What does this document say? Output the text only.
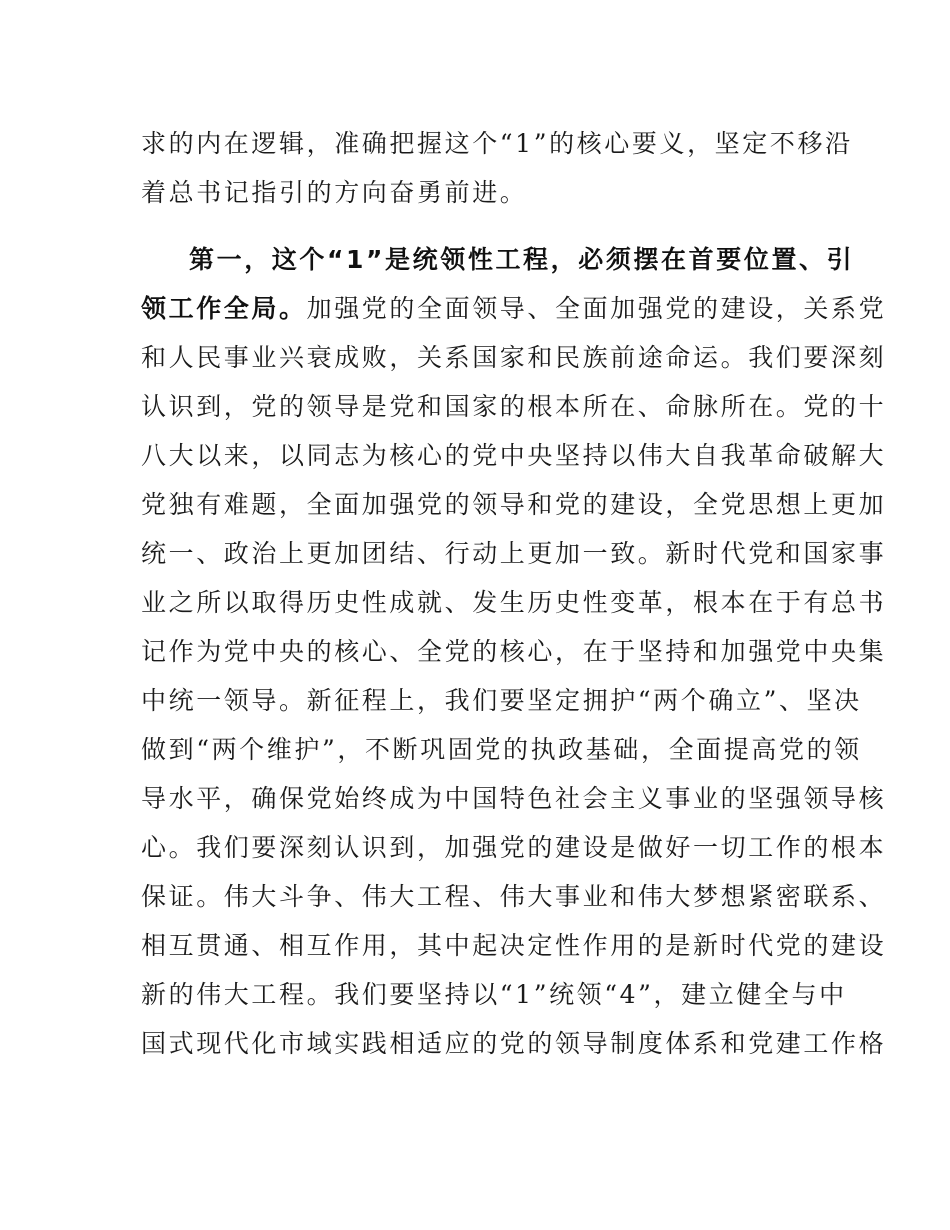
求的内在逻辑，准确把握这个“1”的核心要义，坚定不移沿
着总书记指引的方向奋勇前进。
第一，这个“1”是统领性工程，必须摆在首要位置、引
领工作全局。加强党的全面领导、全面加强党的建设，关系党
和人民事业兴衰成败，关系国家和民族前途命运。我们要深刻
认识到，党的领导是党和国家的根本所在、命脉所在。党的十
八大以来，以同志为核心的党中央坚持以伟大自我革命破解大
党独有难题，全面加强党的领导和党的建设，全党思想上更加
统一、政治上更加团结、行动上更加一致。新时代党和国家事
业之所以取得历史性成就、发生历史性变革，根本在于有总书
记作为党中央的核心、全党的核心，在于坚持和加强党中央集
中统一领导。新征程上，我们要坚定拥护“两个确立”、坚决
做到“两个维护”，不断巩固党的执政基础，全面提高党的领
导水平，确保党始终成为中国特色社会主义事业的坚强领导核
心。我们要深刻认识到，加强党的建设是做好一切工作的根本
保证。伟大斗争、伟大工程、伟大事业和伟大梦想紧密联系、
相互贯通、相互作用，其中起决定性作用的是新时代党的建设
新的伟大工程。我们要坚持以“1”统领“4”，建立健全与中
国式现代化市域实践相适应的党的领导制度体系和党建工作格
